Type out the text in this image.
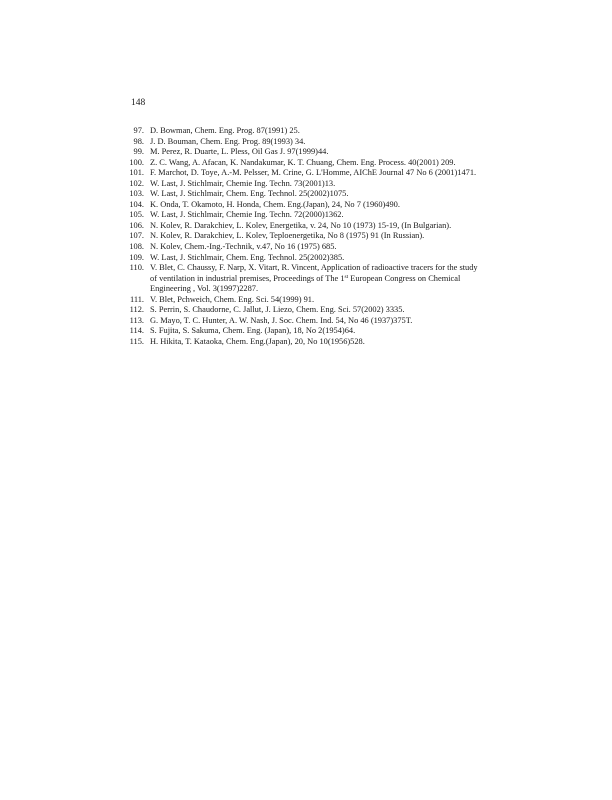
148
97. D. Bowman, Chem. Eng. Prog. 87(1991) 25.
98. J. D. Bouman, Chem. Eng. Prog. 89(1993) 34.
99. M. Perez, R. Duarte, L. Pless, Oil Gas J. 97(1999)44.
100. Z. C. Wang, A. Afacan, K. Nandakumar, K. T. Chuang, Chem. Eng. Process. 40(2001) 209.
101. F. Marchot, D. Toye, A.-M. Pelsser, M. Crine, G. L'Homme, AIChE Journal 47 No 6 (2001)1471.
102. W. Last, J. Stichlmair, Chemie Ing. Techn. 73(2001)13.
103. W. Last, J. Stichlmair, Chem. Eng. Technol. 25(2002)1075.
104. K. Onda, T. Okamoto, H. Honda, Chem. Eng.(Japan), 24, No 7 (1960)490.
105. W. Last, J. Stichlmair, Chemie Ing. Techn. 72(2000)1362.
106. N. Kolev, R. Darakchiev, L. Kolev, Energetika, v. 24, No 10 (1973) 15-19, (In Bulgarian).
107. N. Kolev, R. Darakchiev, L. Kolev, Teploenergetika, No 8 (1975) 91 (In Russian).
108. N. Kolev, Chem.-Ing.-Technik, v.47, No 16 (1975) 685.
109. W. Last, J. Stichlmair, Chem. Eng. Technol. 25(2002)385.
110. V. Blet, C. Chaussy, F. Narp, X. Vitart, R. Vincent, Application of radioactive tracers for the study of ventilation in industrial premises, Proceedings of The 1st European Congress on Chemical Engineering , Vol. 3(1997)2287.
111. V. Blet, Pchweich, Chem. Eng. Sci. 54(1999) 91.
112. S. Perrin, S. Chaudorne, C. Jallut, J. Liezo, Chem. Eng. Sci. 57(2002) 3335.
113. G. Mayo, T. C. Hunter, A. W. Nash, J. Soc. Chem. Ind. 54, No 46 (1937)375T.
114. S. Fujita, S. Sakuma, Chem. Eng. (Japan), 18, No 2(1954)64.
115. H. Hikita, T. Kataoka, Chem. Eng.(Japan), 20, No 10(1956)528.
